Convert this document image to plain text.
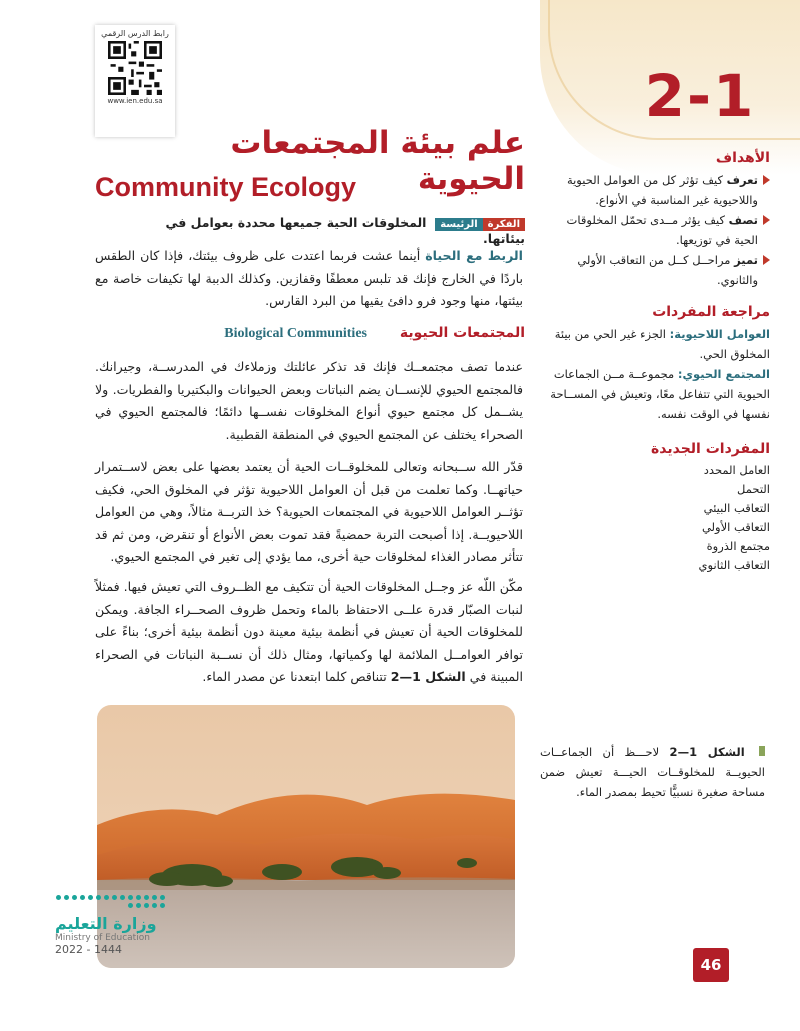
2-1
رابط الدرس الرقمي
www.ien.edu.sa
علم بيئة المجتمعات الحيوية
Community Ecology
الفكرةالرئيسة  المخلوقات الحية جميعها محددة بعوامل في بيئاتها.
الربط مع الحياة أينما عشت فربما اعتدت على ظروف بيئتك، فإذا كان الطقس باردًا في الخارج فإنك قد تلبس معطفًا وقفازين. وكذلك الدببة لها تكيفات خاصة مع بيئتها، منها وجود فرو دافئ يقيها من البرد القارس.
المجتمعات الحيوية Biological Communities
عندما تصف مجتمعــك فإنك قد تذكر عائلتك وزملاءك في المدرســة، وجيرانك. فالمجتمع الحيوي للإنســان يضم النباتات وبعض الحيوانات والبكتيريا والفطريات. ولا يشــمل كل مجتمع حيوي أنواع المخلوقات نفســها دائمًا؛ فالمجتمع الحيوي في الصحراء يختلف عن المجتمع الحيوي في المنطقة القطبية.
قدّر الله ســبحانه وتعالى للمخلوقــات الحية أن يعتمد بعضها على بعض لاســتمرار حياتهــا. وكما تعلمت من قبل أن العوامل اللاحيوية تؤثر في المخلوق الحي، فكيف تؤثــر العوامل اللاحيوية في المجتمعات الحيوية؟ خذ التربــة مثالاً، وهي من العوامل اللاحيويــة. إذا أصبحت التربة حمضيةً فقد تموت بعض الأنواع أو تنقرض، ومن ثم قد تتأثر مصادر الغذاء لمخلوقات حية أخرى، مما يؤدي إلى تغير في المجتمع الحيوي.
مكّن اللّه عز وجــل المخلوقات الحية أن تتكيف مع الظــروف التي تعيش فيها. فمثلاً لنبات الصبّار قدرة علــى الاحتفاظ بالماء وتحمل ظروف الصحــراء الجافة. ويمكن للمخلوقات الحية أن تعيش في أنظمة بيئية معينة دون أنظمة بيئية أخرى؛ بناءً على توافر العوامــل الملائمة لها وكمياتها، ومثال ذلك أن نســبة النباتات في الصحراء المبينة في الشكل 1—2 تتناقص كلما ابتعدنا عن مصدر الماء.
الأهداف
تعرف كيف تؤثر كل من العوامل الحيوية واللاحيوية غير المناسبة في الأنواع.
تصف كيف يؤثر مــدى تحمّل المخلوقات الحية في توزيعها.
تميز مراحــل كــل من التعاقب الأولي والثانوي.
مراجعة المفردات
العوامل اللاحيوية: الجزء غير الحي من بيئة المخلوق الحي.
المجتمع الحيوي: مجموعــة مــن الجماعات الحيوية التي تتفاعل معًا، وتعيش في المســاحة نفسها في الوقت نفسه.
المفردات الجديدة
العامل المحدد
التحمل
التعاقب البيئي
التعاقب الأولي
مجتمع الذروة
التعاقب الثانوي
الشكل 1—2 لاحـــظ أن الجماعــات الحيويــة للمخلوقــات الحيـــة تعيش ضمن مساحة صغيرة نسبيًّا تحيط بمصدر الماء.
وزارة التعليم
Ministry of Education
2022 - 1444
46
